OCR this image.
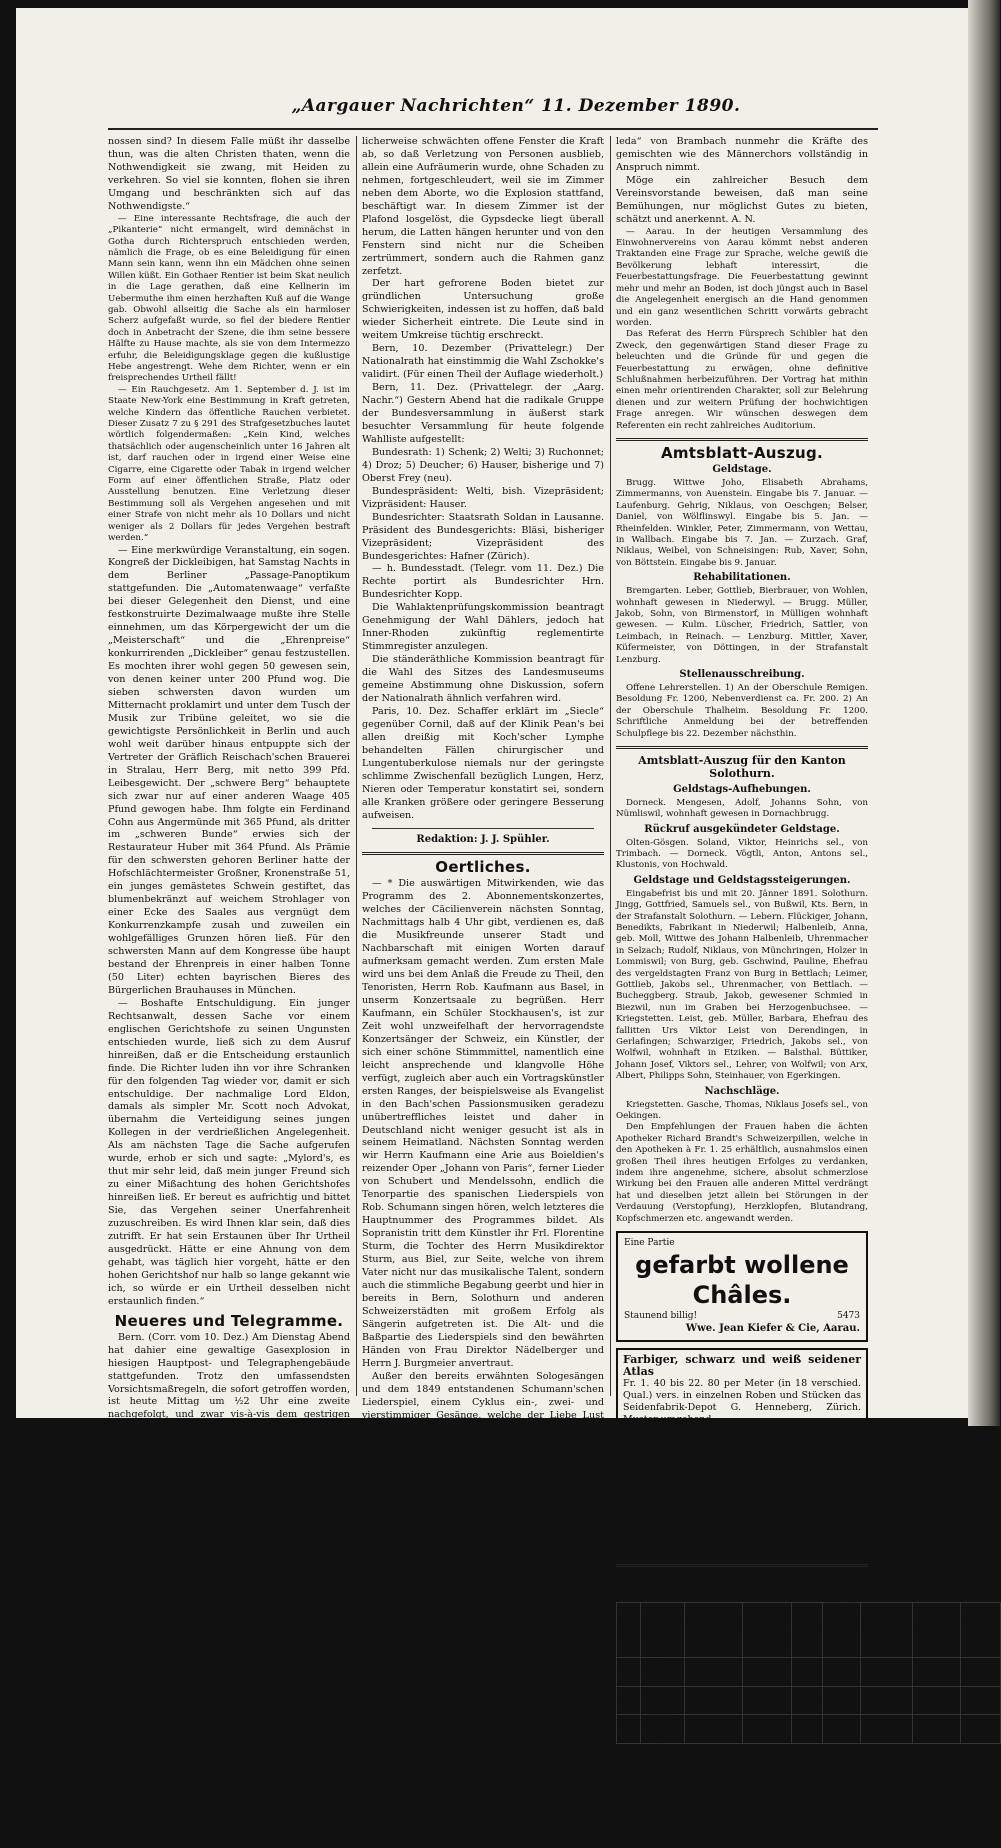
„Aargauer Nachrichten“ 11. Dezember 1890.

nossen sind? In diesem Falle müßt ihr dasselbe thun, was die alten Christen thaten, wenn die Nothwendigkeit sie zwang, mit Heiden zu verkehren. So viel sie konnten, flohen sie ihren Umgang und beschränkten sich auf das Nothwendigste.“

— Eine interessante Rechtsfrage, die auch der „Pikanterie“ nicht ermangelt, wird demnächst in Gotha durch Richterspruch entschieden werden, nämlich die Frage, ob es eine Beleidigung für einen Mann sein kann, wenn ihn ein Mädchen ohne seinen Willen küßt. Ein Gothaer Rentier ist beim Skat neulich in die Lage gerathen, daß eine Kellnerin im Uebermuthe ihm einen herzhaften Kuß auf die Wange gab. Obwohl allseitig die Sache als ein harmloser Scherz aufgefaßt wurde, so fiel der biedere Rentier doch in Anbetracht der Szene, die ihm seine bessere Hälfte zu Hause machte, als sie von dem Intermezzo erfuhr, die Beleidigungsklage gegen die kußlustige Hebe angestrengt. Wehe dem Richter, wenn er ein freisprechendes Urtheil fällt!

— Ein Rauchgesetz. Am 1. September d. J. ist im Staate New-York eine Bestimmung in Kraft getreten, welche Kindern das öffentliche Rauchen verbietet. Dieser Zusatz 7 zu § 291 des Strafgesetzbuches lautet wörtlich folgendermaßen: „Kein Kind, welches thatsächlich oder augenscheinlich unter 16 Jahren alt ist, darf rauchen oder in irgend einer Weise eine Cigarre, eine Cigarette oder Tabak in irgend welcher Form auf einer öffentlichen Straße, Platz oder Ausstellung benutzen. Eine Verletzung dieser Bestimmung soll als Vergehen angesehen und mit einer Strafe von nicht mehr als 10 Dollars und nicht weniger als 2 Dollars für jedes Vergehen bestraft werden.“

— Eine merkwürdige Veranstaltung, ein sogen. Kongreß der Dickleibigen, hat Samstag Nachts in dem Berliner „Passage-Panoptikum stattgefunden. Die „Automatenwaage“ verfaßte bei dieser Gelegenheit den Dienst, und eine festkonstruirte Dezimalwaage mußte ihre Stelle einnehmen, um das Körpergewicht der um die „Meisterschaft“ und die „Ehrenpreise“ konkurrirenden „Dickleiber“ genau festzustellen. Es mochten ihrer wohl gegen 50 gewesen sein, von denen keiner unter 200 Pfund wog. Die sieben schwersten davon wurden um Mitternacht proklamirt und unter dem Tusch der Musik zur Tribüne geleitet, wo sie die gewichtigste Persönlichkeit in Berlin und auch wohl weit darüber hinaus entpuppte sich der Vertreter der Gräflich Reischach'schen Brauerei in Stralau, Herr Berg, mit netto 399 Pfd. Leibesgewicht. Der „schwere Berg“ behauptete sich zwar nur auf einer anderen Waage 405 Pfund gewogen habe. Ihm folgte ein Ferdinand Cohn aus Angermünde mit 365 Pfund, als dritter im „schweren Bunde“ erwies sich der Restaurateur Huber mit 364 Pfund. Als Prämie für den schwersten gehoren Berliner hatte der Hofschlächtermeister Großner, Kronenstraße 51, ein junges gemästetes Schwein gestiftet, das blumenbekränzt auf weichem Strohlager von einer Ecke des Saales aus vergnügt dem Konkurrenzkampfe zusah und zuweilen ein wohlgefälliges Grunzen hören ließ. Für den schwersten Mann auf dem Kongresse übe haupt bestand der Ehrenpreis in einer halben Tonne (50 Liter) echten bayrischen Bieres des Bürgerlichen Brauhauses in München.

— Boshafte Entschuldigung. Ein junger Rechtsanwalt, dessen Sache vor einem englischen Gerichtshofe zu seinen Ungunsten entschieden wurde, ließ sich zu dem Ausruf hinreißen, daß er die Entscheidung erstaunlich finde. Die Richter luden ihn vor ihre Schranken für den folgenden Tag wieder vor, damit er sich entschuldige. Der nachmalige Lord Eldon, damals als simpler Mr. Scott noch Advokat, übernahm die Verteidigung seines jungen Kollegen in der verdrießlichen Angelegenheit. Als am nächsten Tage die Sache aufgerufen wurde, erhob er sich und sagte: „Mylord's, es thut mir sehr leid, daß mein junger Freund sich zu einer Mißachtung des hohen Gerichtshofes hinreißen ließ. Er bereut es aufrichtig und bittet Sie, das Vergehen seiner Unerfahrenheit zuzuschreiben. Es wird Ihnen klar sein, daß dies zutrifft. Er hat sein Erstaunen über Ihr Urtheil ausgedrückt. Hätte er eine Ahnung von dem gehabt, was täglich hier vorgeht, hätte er den hohen Gerichtshof nur halb so lange gekannt wie ich, so würde er ein Urtheil desselben nicht erstaunlich finden.“

Neueres und Telegramme.

Bern. (Corr. vom 10. Dez.) Am Dienstag Abend hat dahier eine gewaltige Gasexplosion in hiesigen Hauptpost- und Telegraphengebäude stattgefunden. Trotz den umfassendsten Vorsichtsmaßregeln, die sofort getroffen worden, ist heute Mittag um ½2 Uhr eine zweite nachgefolgt, und zwar vis-à-vis dem gestrigen Schauplatze. Aus einer Sprengmuffe, unter der die vor der Pauptpost durchgehende Gasleitung führt, trieb es eine gewaltige Brandsäule, zertrümmerte die Fensterscheiben einer dahinter befindlichen Wirthschaft, lüftete uns harmlosen, kaum hundert Schritte davon entfernten Spaziergängern beinahe die Hüte und verursachte einen donnerähnlichen Knall, der fast in der ganzen Stadt gehört wurde. Einige (2½ und 3 Uhr) folgten zwei andere unheimliche Schüsse nach. Das ist aber nicht Alles! Vor Mittag platzte auf dem Waisenhausplatze vor der spanischen Weinhandlung Maret eine andere Gasleitung, jedoch soll die Gefahr weit weniger groß sein, als bei der Post, wo das Publikum nun allgemein annimmt, es brenne unterirdisch. Wer weiß, wie bald es wieder knallt! In der Nähe der Kloake eine Leitung freien Lauf durch die Schutt- und Abortröhre in's Gebäude genommen und es war eine Gasflamme im Abtritt entzündet. Die arbeitenden Post- und Telegraphenbeamten verspürten eine außerordentliche Erschütterung und bald darauffolgenden Qualm; glück-

licherweise schwächten offene Fenster die Kraft ab, so daß Verletzung von Personen ausblieb, allein eine Aufräumerin wurde, ohne Schaden zu nehmen, fortgeschleudert, weil sie im Zimmer neben dem Aborte, wo die Explosion stattfand, beschäftigt war. In diesem Zimmer ist der Plafond losgelöst, die Gypsdecke liegt überall herum, die Latten hängen herunter und von den Fenstern sind nicht nur die Scheiben zertrümmert, sondern auch die Rahmen ganz zerfetzt.

Der hart gefrorene Boden bietet zur gründlichen Untersuchung große Schwierigkeiten, indessen ist zu hoffen, daß bald wieder Sicherheit eintrete. Die Leute sind in weitem Umkreise tüchtig erschreckt.

Bern, 10. Dezember (Privattelegr.) Der Nationalrath hat einstimmig die Wahl Zschokke's validirt. (Für einen Theil der Auflage wiederholt.)

Bern, 11. Dez. (Privattelegr. der „Aarg. Nachr.“) Gestern Abend hat die radikale Gruppe der Bundesversammlung in äußerst stark besuchter Versammlung für heute folgende Wahlliste aufgestellt:

Bundesrath: 1) Schenk; 2) Welti; 3) Ruchonnet; 4) Droz; 5) Deucher; 6) Hauser, bisherige und 7) Oberst Frey (neu).

Bundespräsident: Welti, bish. Vizepräsident; Vizpräsident: Hauser.

Bundesrichter: Staatsrath Soldan in Lausanne. Präsident des Bundesgerichts: Bläsi, bisheriger Vizepräsident; Vizepräsident des Bundesgerichtes: Hafner (Zürich).

— h. Bundesstadt. (Telegr. vom 11. Dez.) Die Rechte portirt als Bundesrichter Hrn. Bundesrichter Kopp.

Die Wahlaktenprüfungskommission beantragt Genehmigung der Wahl Dählers, jedoch hat Inner-Rhoden zukünftig reglementirte Stimmregister anzulegen.

Die ständeräthliche Kommission beantragt für die Wahl des Sitzes des Landesmuseums gemeine Abstimmung ohne Diskussion, sofern der Nationalrath ähnlich verfahren wird.

Paris, 10. Dez. Schaffer erklärt im „Siecle“ gegenüber Cornil, daß auf der Klinik Pean's bei allen dreißig mit Koch'scher Lymphe behandelten Fällen chirurgischer und Lungentuberkulose niemals nur der geringste schlimme Zwischenfall bezüglich Lungen, Herz, Nieren oder Temperatur konstatirt sei, sondern alle Kranken größere oder geringere Besserung aufweisen.

Redaktion: J. J. Spühler.
Oertliches.

— * Die auswärtigen Mitwirkenden, wie das Programm des 2. Abonnementskonzertes, welches der Cäcilienverein nächsten Sonntag, Nachmittags halb 4 Uhr gibt, verdienen es, daß die Musikfreunde unserer Stadt und Nachbarschaft mit einigen Worten darauf aufmerksam gemacht werden. Zum ersten Male wird uns bei dem Anlaß die Freude zu Theil, den Tenoristen, Herrn Rob. Kaufmann aus Basel, in unserm Konzertsaale zu begrüßen. Herr Kaufmann, ein Schüler Stockhausen's, ist zur Zeit wohl unzweifelhaft der hervorragendste Konzertsänger der Schweiz, ein Künstler, der sich einer schöne Stimmmittel, namentlich eine leicht ansprechende und klangvolle Höhe verfügt, zugleich aber auch ein Vortragskünstler ersten Ranges, der beispielsweise als Evangelist in den Bach'schen Passionsmusiken geradezu unübertreffliches leistet und daher in Deutschland nicht weniger gesucht ist als in seinem Heimatland. Nächsten Sonntag werden wir Herrn Kaufmann eine Arie aus Boieldien's reizender Oper „Johann von Paris“, ferner Lieder von Schubert und Mendelssohn, endlich die Tenorpartie des spanischen Liederspiels von Rob. Schumann singen hören, welch letzteres die Hauptnummer des Programmes bildet. Als Sopranistin tritt dem Künstler ihr Frl. Florentine Sturm, die Tochter des Herrn Musikdirektor Sturm, aus Biel, zur Seite, welche von ihrem Vater nicht nur das musikalische Talent, sondern auch die stimmliche Begabung geerbt und hier in bereits in Bern, Solothurn und anderen Schweizerstädten mit großem Erfolg als Sängerin aufgetreten ist. Die Alt- und die Baßpartie des Liederspiels sind den bewährten Händen von Frau Direktor Nädelberger und Herrn J. Burgmeier anvertraut.

Außer den bereits erwähnten Sologesängen und dem 1849 entstandenen Schumann'schen Liederspiel, einem Cyklus ein-, zwei- und vierstimmiger Gesänge, welche der Liebe Lust und Leid in bestrickender, von südländischem Pathos durchglühten Tönen wiederspiegeln, bringt das Programm Beethoven's elegischen Gesang von Beethoven für 4 Singstimmen und Streichquartett, Op. 118, welchen der Meister im Sommer 1814 zum Gedächtniß „an die verklärte Gemahlin“ seines Freundes, des Freiherrn von Pasqualati verfaßte; zwei Streichquartettsätze von Haydn und Mozart's Es-dur-Trio für Geige, Bratsche und Klavier, so daß die Klassiker in dem Programm nicht weniger vertreten sind, als die Meister der romantischen Schule. Der Chor hat in den beiden Strauß außerordentlich genauer Nichtmitwirkung um so weniger der Entschuldigung bedürfen, wenn wir hervorheben, daß bas Studium der für das 3. und 4. Abonnementskonzert bestimmten Werke „Jüngste Walpurgisnacht“ von Mendelssohn und „Vel-

leda“ von Brambach nunmehr die Kräfte des gemischten wie des Männerchors vollständig in Anspruch nimmt.

Möge ein zahlreicher Besuch dem Vereinsvorstande beweisen, daß man seine Bemühungen, nur möglichst Gutes zu bieten, schätzt und anerkennt. A. N.

— Aarau. In der heutigen Versammlung des Einwohnervereins von Aarau kömmt nebst anderen Traktanden eine Frage zur Sprache, welche gewiß die Bevölkerung lebhaft interessirt, die Feuerbestattungsfrage. Die Feuerbestattung gewinnt mehr und mehr an Boden, ist doch jüngst auch in Basel die Angelegenheit energisch an die Hand genommen und ein ganz wesentlichen Schritt vorwärts gebracht worden.

Das Referat des Herrn Fürsprech Schibler hat den Zweck, den gegenwärtigen Stand dieser Frage zu beleuchten und die Gründe für und gegen die Feuerbestattung zu erwägen, ohne definitive Schlußnahmen herbeizuführen. Der Vortrag hat mithin einen mehr orientirenden Charakter, soll zur Belehrung dienen und zur weitern Prüfung der hochwichtigen Frage anregen. Wir wünschen deswegen dem Referenten ein recht zahlreiches Auditorium.

Amtsblatt-Auszug.
Geldstage.

Brugg. Wittwe Joho, Elisabeth Abrahams, Zimmermanns, von Auenstein. Eingabe bis 7. Januar. — Laufenburg. Gehrig, Niklaus, von Oeschgen; Belser, Daniel, von Wölflinswyl. Eingabe bis 5. Jan. — Rheinfelden. Winkler, Peter, Zimmermann, von Wettau, in Wallbach. Eingabe bis 7. Jan. — Zurzach. Graf, Niklaus, Weibel, von Schneisingen: Rub, Xaver, Sohn, von Böttstein. Eingabe bis 9. Januar.

Rehabilitationen.

Bremgarten. Leber, Gottlieb, Bierbrauer, von Wohlen, wohnhaft gewesen in Niederwyl. — Brugg. Müller, Jakob, Sohn, von Birmenstorf, in Mülligen wohnhaft gewesen. — Kulm. Lüscher, Friedrich, Sattler, von Leimbach, in Reinach. — Lenzburg. Mittler, Xaver, Küfermeister, von Döttingen, in der Strafanstalt Lenzburg.

Stellenausschreibung.

Offene Lehrerstellen. 1) An der Oberschule Remigen. Besoldung Fr. 1200, Nebenverdienst ca. Fr. 200. 2) An der Oberschule Thalheim. Besoldung Fr. 1200. Schriftliche Anmeldung bei der betreffenden Schulpflege bis 22. Dezember nächsthin.

Amtsblatt-Auszug für den Kanton Solothurn.
Geldstags-Aufhebungen.

Dorneck. Mengesen, Adolf, Johanns Sohn, von Nümliswil, wohnhaft gewesen in Dornachbrugg.

Rückruf ausgekündeter Geldstage.

Olten-Gösgen. Soland, Viktor, Heinrichs sel., von Trimbach. — Dorneck. Vögtli, Anton, Antons sel., Klustonis, von Hochwald.

Geldstage und Geldstagssteigerungen.

Eingabefrist bis und mit 20. Jänner 1891. Solothurn. Jingg, Gottfried, Samuels sel., von Bußwil, Kts. Bern, in der Strafanstalt Solothurn. — Lebern. Flückiger, Johann, Benedikts, Fabrikant in Niederwil; Halbenleib, Anna, geb. Moll, Wittwe des Johann Halbenleib, Uhrenmacher in Selzach; Rudolf, Niklaus, von Münchringen, Holzer in Lommiswil; von Burg, geb. Gschwind, Pauline, Ehefrau des vergeldstagten Franz von Burg in Bettlach; Leimer, Gottlieb, Jakobs sel., Uhrenmacher, von Bettlach. — Bucheggberg. Straub, Jakob, gewesener Schmied in Biezwil, nun im Graben bei Herzogenbuchsee. — Kriegstetten. Leist, geb. Müller, Barbara, Ehefrau des fallitten Urs Viktor Leist von Derendingen, in Gerlafingen; Schwarziger, Friedrich, Jakobs sel., von Wolfwil, wohnhaft in Etziken. — Balsthal. Büttiker, Johann Josef, Viktors sel., Lehrer, von Wolfwil; von Arx, Albert, Philipps Sohn, Steinhauer, von Egerkingen.

Nachschläge.

Kriegstetten. Gasche, Thomas, Niklaus Josefs sel., von Oekingen.

Den Empfehlungen der Frauen haben die ächten Apotheker Richard Brandt's Schweizerpillen, welche in den Apotheken à Fr. 1. 25 erhältlich, ausnahmslos einen großen Theil ihres heutigen Erfolges zu verdanken, indem ihre angenehme, sichere, absolut schmerzlose Wirkung bei den Frauen alle anderen Mittel verdrängt hat und dieselben jetzt allein bei Störungen in der Verdauung (Verstopfung), Herzklopfen, Blutandrang, Kopfschmerzen etc. angewandt werden.

Eine Partie
gefarbt wollene Châles.
Staunend billig!	5473
Wwe. Jean Kiefer & Cie, Aarau.
Farbiger, schwarz und weiß seidener Atlas
Fr. 1. 40 bis 22. 80 per Meter (in 18 verschied. Qual.) vers. in einzelnen Roben und Stücken das Seidenfabrik-Depot G. Henneberg, Zürich. Muster umgehend.
[3586
Farbige seid. Faille Française, Armûre, Surah, Satin merveilleux, Atlasse, Damaste, Ripse, Taffete etc. Fr. 2. 50 bis 15. 50 per Meter
versendet in einzelnen Roben und Stücken das Seiden-Depôt G. Henneberg, Zürich. Muster umgehend.
Meteorologische Station im neuen Quartier Aarau.
1890 Dez.	Beobacht-ungszeit	Thermometer in Celsius	Barometer-stand i. mm. Absol.	Reduc.	Wind-richtung und Stärke	Hygrometer	Bewölkung	Witter-ung
10.	Mittags 1 U.	—3,9	730,5	767,3	NE¹/₂	89	96	bedeckt
10.	Abends 9 „	—5,1	730,5	768,3	NE¹/₂	96	96	„
11.	Morg. 7 „	—6,7	730,5	768,1	NE¹/₂	94	94	„

Angaben der beiden Extrem-Thermometer während 24 Stunden abgelesen gestern Abend 9 Uhr:

Minimum — 5.0°C. Maximum — 3,9°C.

Temperaturminimum in der letzten Nacht — 5,8°C.

Niederschlag, gemessen heute früh 7 Uhr — mm.

Zürcher Witterungsaussichten vom 11. Dezember.

Theils heiteres, theils bedecktes Frostwetter anhaltend.
